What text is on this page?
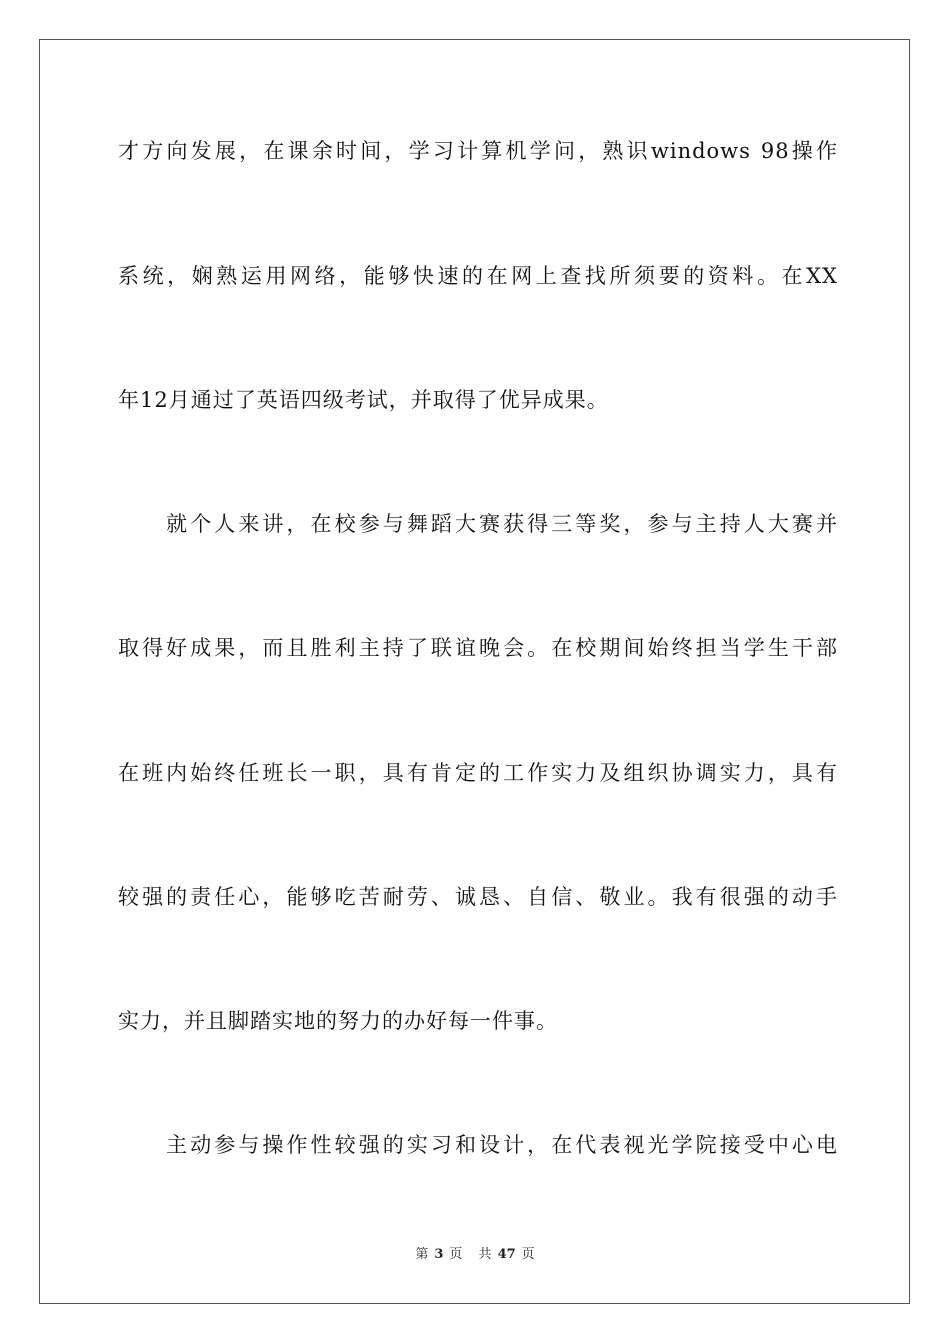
才方向发展，在课余时间，学习计算机学问，熟识windows 98操作
系统，娴熟运用网络，能够快速的在网上查找所须要的资料。在XX
年12月通过了英语四级考试，并取得了优异成果。
　　就个人来讲，在校参与舞蹈大赛获得三等奖，参与主持人大赛并
取得好成果，而且胜利主持了联谊晚会。在校期间始终担当学生干部
在班内始终任班长一职，具有肯定的工作实力及组织协调实力，具有
较强的责任心，能够吃苦耐劳、诚恳、自信、敬业。我有很强的动手
实力，并且脚踏实地的努力的办好每一件事。
　　主动参与操作性较强的实习和设计，在代表视光学院接受中心电
第 3 页 共 47 页
